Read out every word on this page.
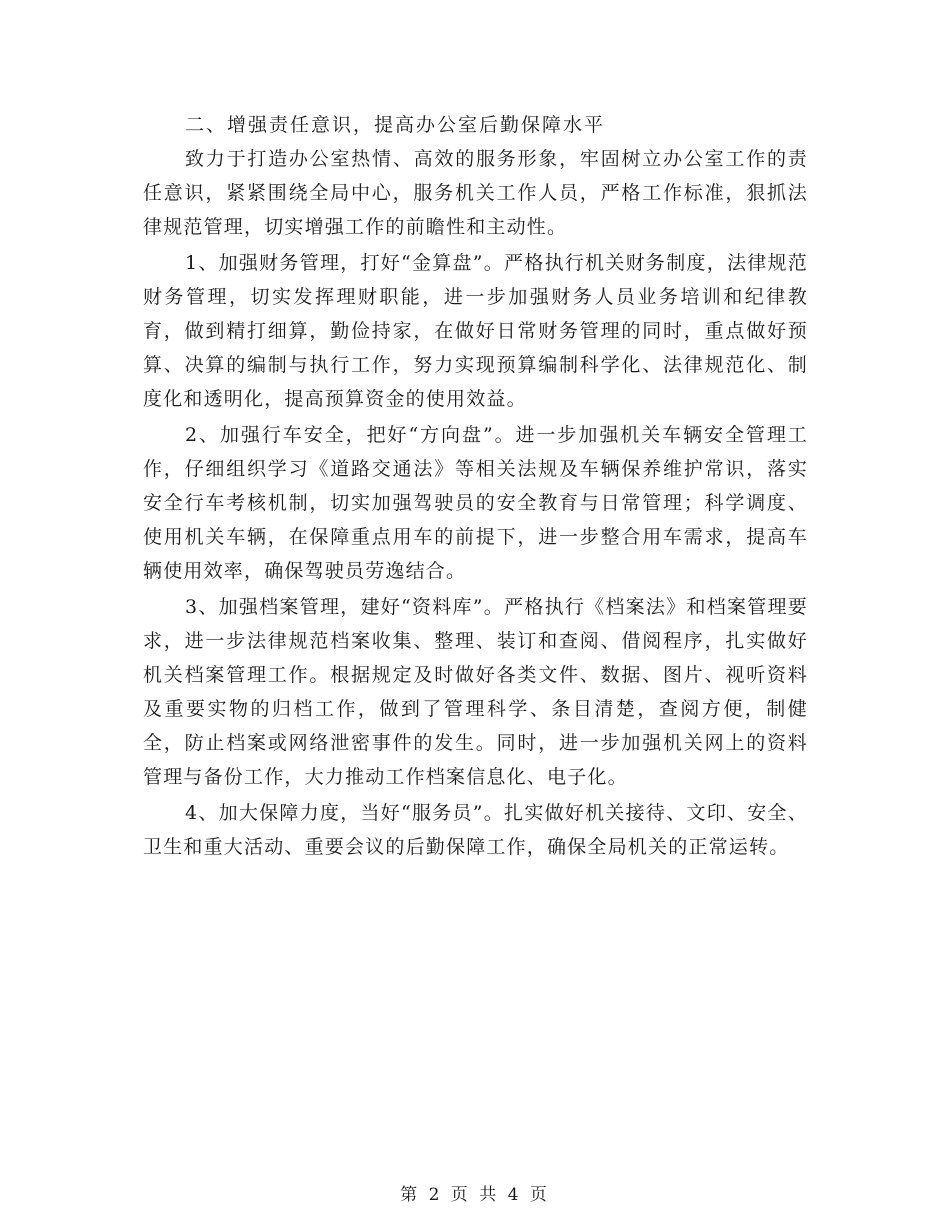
二、增强责任意识，提高办公室后勤保障水平

致力于打造办公室热情、高效的服务形象，牢固树立办公室工作的责任意识，紧紧围绕全局中心，服务机关工作人员，严格工作标准，狠抓法律规范管理，切实增强工作的前瞻性和主动性。

1、加强财务管理，打好“金算盘”。严格执行机关财务制度，法律规范财务管理，切实发挥理财职能，进一步加强财务人员业务培训和纪律教育，做到精打细算，勤俭持家，在做好日常财务管理的同时，重点做好预算、决算的编制与执行工作，努力实现预算编制科学化、法律规范化、制度化和透明化，提高预算资金的使用效益。

2、加强行车安全，把好“方向盘”。进一步加强机关车辆安全管理工作，仔细组织学习《道路交通法》等相关法规及车辆保养维护常识，落实安全行车考核机制，切实加强驾驶员的安全教育与日常管理；科学调度、使用机关车辆，在保障重点用车的前提下，进一步整合用车需求，提高车辆使用效率，确保驾驶员劳逸结合。

3、加强档案管理，建好“资料库”。严格执行《档案法》和档案管理要求，进一步法律规范档案收集、整理、装订和查阅、借阅程序，扎实做好机关档案管理工作。根据规定及时做好各类文件、数据、图片、视听资料及重要实物的归档工作，做到了管理科学、条目清楚，查阅方便，制健全，防止档案或网络泄密事件的发生。同时，进一步加强机关网上的资料管理与备份工作，大力推动工作档案信息化、电子化。

4、加大保障力度，当好“服务员”。扎实做好机关接待、文印、安全、卫生和重大活动、重要会议的后勤保障工作，确保全局机关的正常运转。

第 2 页 共 4 页
